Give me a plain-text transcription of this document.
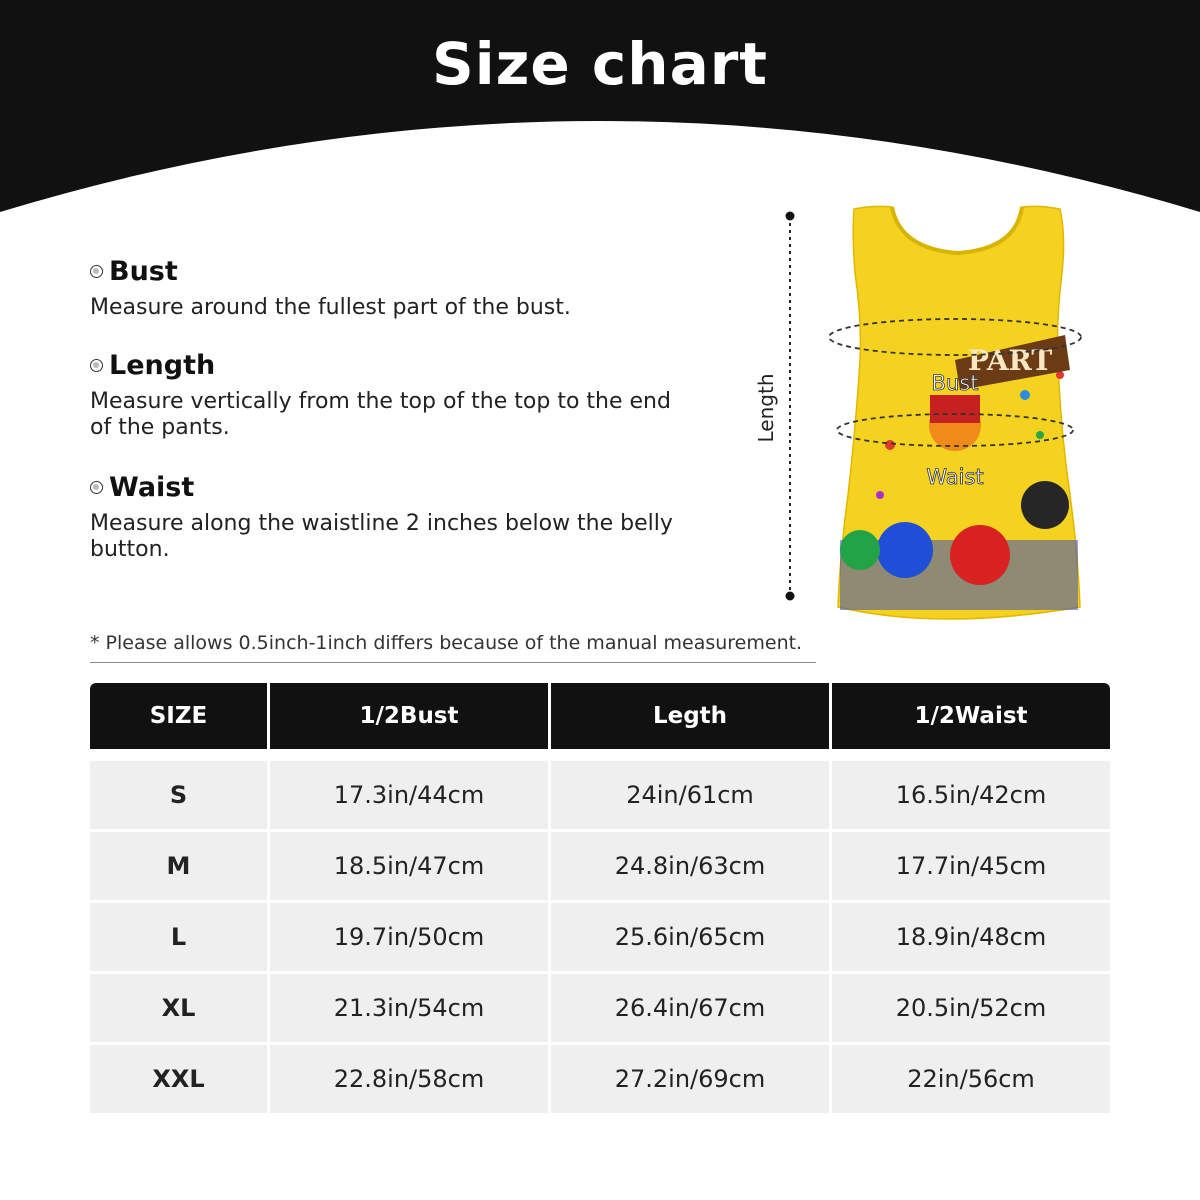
Size chart
Bust
Measure around the fullest part of the bust.
Length
Measure vertically from the top of the top to the end of the pants.
Waist
Measure along the waistline 2 inches below the belly button.
PART
Bust
Waist
Length
* Please allows 0.5inch-1inch differs because of the manual measurement.
SIZE	1/2Bust	Legth	1/2Waist
S	17.3in/44cm	24in/61cm	16.5in/42cm
M	18.5in/47cm	24.8in/63cm	17.7in/45cm
L	19.7in/50cm	25.6in/65cm	18.9in/48cm
XL	21.3in/54cm	26.4in/67cm	20.5in/52cm
XXL	22.8in/58cm	27.2in/69cm	22in/56cm
